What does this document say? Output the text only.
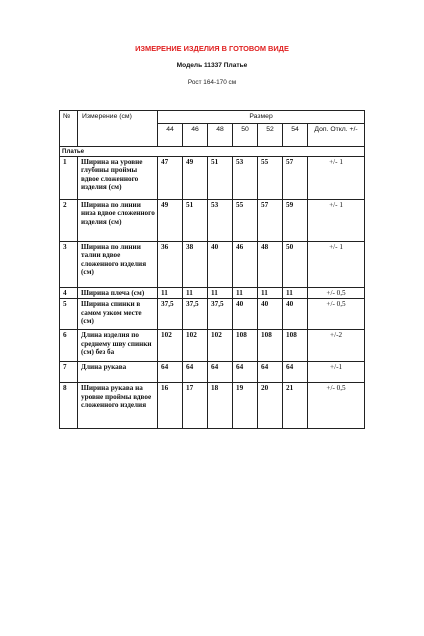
ИЗМЕРЕНИЕ ИЗДЕЛИЯ В ГОТОВОМ ВИДЕ
Модель 11337 Платье
Рост 164-170 см
№	Измерение (см)	Размер						
		44	46	48	50	52	54	Доп. Откл. +/-
Платье								
1	Ширина на уровне глубины проймы вдвое сложенного изделия (см)	47	49	51	53	55	57	+/- 1
2	Ширина по линии низа вдвое сложенного изделия (см)	49	51	53	55	57	59	+/- 1
3	Ширина по линии талии вдвое сложенного изделия (см)	36	38	40	46	48	50	+/- 1
4	Ширина плеча (см)	11	11	11	11	11	11	+/- 0,5
5	Ширина спинки в самом узком месте (см)	37,5	37,5	37,5	40	40	40	+/- 0,5
6	Длина изделия по среднему шву спинки (см) без ба	102	102	102	108	108	108	+/-2
7	Длина рукава	64	64	64	64	64	64	+/-1
8	Ширина рукава на уровне проймы вдвое сложенного изделия	16	17	18	19	20	21	+/- 0,5
